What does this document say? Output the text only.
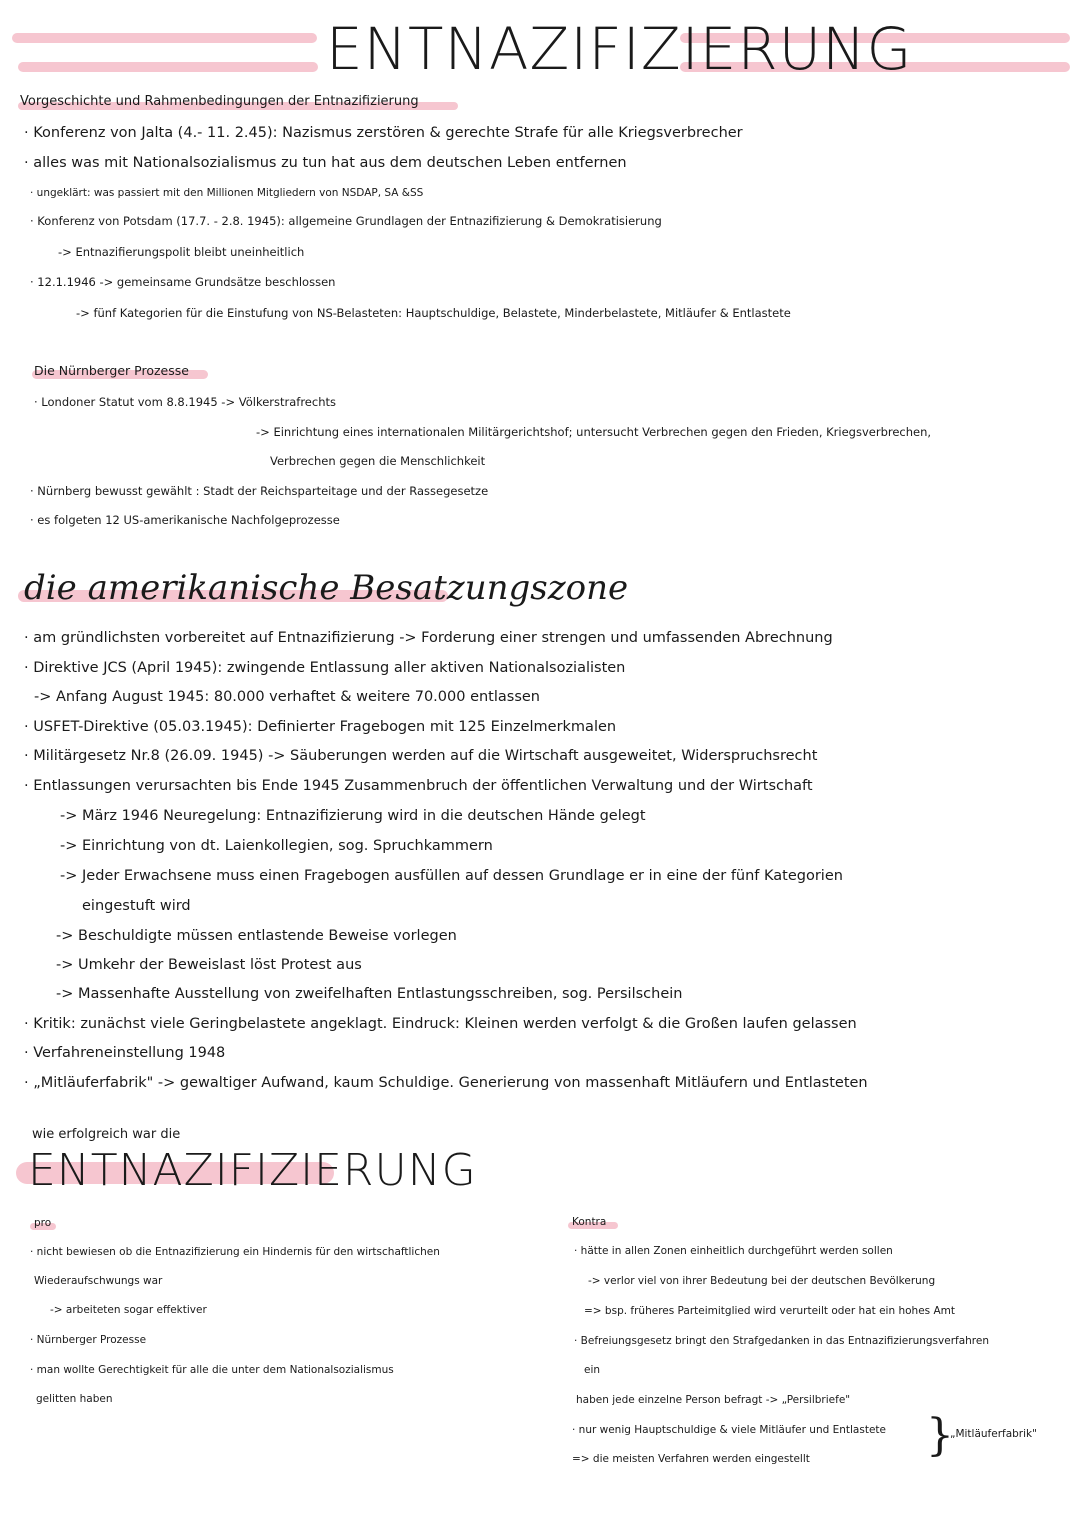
ENTNAZIFIZIERUNG
Vorgeschichte und Rahmenbedingungen der Entnazifizierung
· Konferenz von Jalta (4.- 11. 2.45): Nazismus zerstören & gerechte Strafe für alle Kriegsverbrecher
· alles was mit Nationalsozialismus zu tun hat aus dem deutschen Leben entfernen
· ungeklärt: was passiert mit den Millionen Mitgliedern von NSDAP, SA &SS
· Konferenz von Potsdam (17.7. - 2.8. 1945): allgemeine Grundlagen der Entnazifizierung & Demokratisierung
-> Entnazifierungspolit bleibt uneinheitlich
· 12.1.1946 -> gemeinsame Grundsätze beschlossen
-> fünf Kategorien für die Einstufung von NS-Belasteten: Hauptschuldige, Belastete, Minderbelastete, Mitläufer & Entlastete
Die Nürnberger Prozesse
· Londoner Statut vom 8.8.1945 -> Völkerstrafrechts
-> Einrichtung eines internationalen Militärgerichtshof; untersucht Verbrechen gegen den Frieden, Kriegsverbrechen,
Verbrechen gegen die Menschlichkeit
· Nürnberg bewusst gewählt : Stadt der Reichsparteitage und der Rassegesetze
· es folgeten 12 US-amerikanische Nachfolgeprozesse
die amerikanische Besatzungszone
· am gründlichsten vorbereitet auf Entnazifizierung -> Forderung einer strengen und umfassenden Abrechnung
· Direktive JCS (April 1945): zwingende Entlassung aller aktiven Nationalsozialisten
-> Anfang August 1945: 80.000 verhaftet & weitere 70.000 entlassen
· USFET-Direktive (05.03.1945): Definierter Fragebogen mit 125 Einzelmerkmalen
· Militärgesetz Nr.8 (26.09. 1945) -> Säuberungen werden auf die Wirtschaft ausgeweitet, Widerspruchsrecht
· Entlassungen verursachten bis Ende 1945 Zusammenbruch der öffentlichen Verwaltung und der Wirtschaft
-> März 1946 Neuregelung: Entnazifizierung wird in die deutschen Hände gelegt
-> Einrichtung von dt. Laienkollegien, sog. Spruchkammern
-> Jeder Erwachsene muss einen Fragebogen ausfüllen auf dessen Grundlage er in eine der fünf Kategorien
eingestuft wird
-> Beschuldigte müssen entlastende Beweise vorlegen
-> Umkehr der Beweislast löst Protest aus
-> Massenhafte Ausstellung von zweifelhaften Entlastungsschreiben, sog. Persilschein
· Kritik: zunächst viele Geringbelastete angeklagt. Eindruck: Kleinen werden verfolgt & die Großen laufen gelassen
· Verfahreneinstellung 1948
· „Mitläuferfabrik" -> gewaltiger Aufwand, kaum Schuldige. Generierung von massenhaft Mitläufern und Entlasteten
wie erfolgreich war die
ENTNAZIFIZIERUNG
pro
· nicht bewiesen ob die Entnazifizierung ein Hindernis für den wirtschaftlichen
Wiederaufschwungs war
-> arbeiteten sogar effektiver
· Nürnberger Prozesse
· man wollte Gerechtigkeit für alle die unter dem Nationalsozialismus
gelitten haben
Kontra
· hätte in allen Zonen einheitlich durchgeführt werden sollen
-> verlor viel von ihrer Bedeutung bei der deutschen Bevölkerung
=> bsp. früheres Parteimitglied wird verurteilt oder hat ein hohes Amt
· Befreiungsgesetz bringt den Strafgedanken in das Entnazifizierungsverfahren
ein
haben jede einzelne Person befragt -> „Persilbriefe"
· nur wenig Hauptschuldige & viele Mitläufer und Entlastete
=> die meisten Verfahren werden eingestellt	}
„Mitläuferfabrik"
